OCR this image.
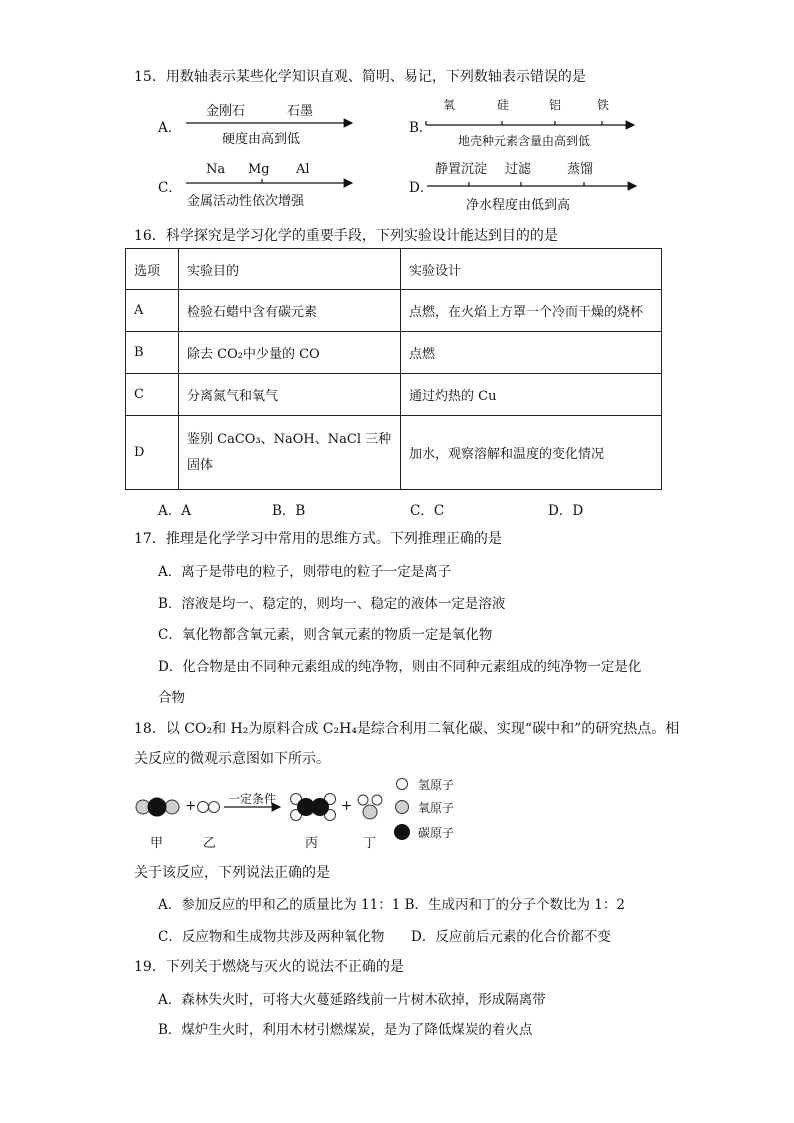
15．用数轴表示某些化学知识直观、简明、易记，下列数轴表示错误的是
A．
金刚石	石墨
硬度由高到低
B．
氧	硅	铝	铁
地壳种元素含量由高到低
C．
Na Mg Al
金属活动性依次增强
D．
静置沉淀 过滤	蒸馏
净水程度由低到高
16．科学探究是学习化学的重要手段，下列实验设计能达到目的的是
选项	实验目的	实验设计
A	检验石蜡中含有碳元素	点燃，在火焰上方罩一个冷而干燥的烧杯
B	除去 CO₂中少量的 CO	点燃
C	分离氮气和氧气	通过灼热的 Cu
D	鉴别 CaCO₃、NaOH、NaCl 三种固体	加水，观察溶解和温度的变化情况
A．A	B．B	C．C	D．D
17．推理是化学学习中常用的思维方式。下列推理正确的是
A．离子是带电的粒子，则带电的粒子一定是离子
B．溶液是均一、稳定的，则均一、稳定的液体一定是溶液
C．氧化物都含氧元素，则含氧元素的物质一定是氧化物
D．化合物是由不同种元素组成的纯净物，则由不同种元素组成的纯净物一定是化
合物
18．以 CO₂和 H₂为原料合成 C₂H₄是综合利用二氧化碳、实现“碳中和”的研究热点。相
关反应的微观示意图如下所示。
一定条件
+	+
甲	乙	丙	丁
氢原子
氧原子
碳原子
关于该反应，下列说法正确的是
A．参加反应的甲和乙的质量比为 11：1 B．生成丙和丁的分子个数比为 1：2
C．反应物和生成物共涉及两种氧化物 D．反应前后元素的化合价都不变
19．下列关于燃烧与灭火的说法不正确的是
A．森林失火时，可将大火蔓延路线前一片树木砍掉，形成隔离带
B．煤炉生火时，利用木材引燃煤炭，是为了降低煤炭的着火点
